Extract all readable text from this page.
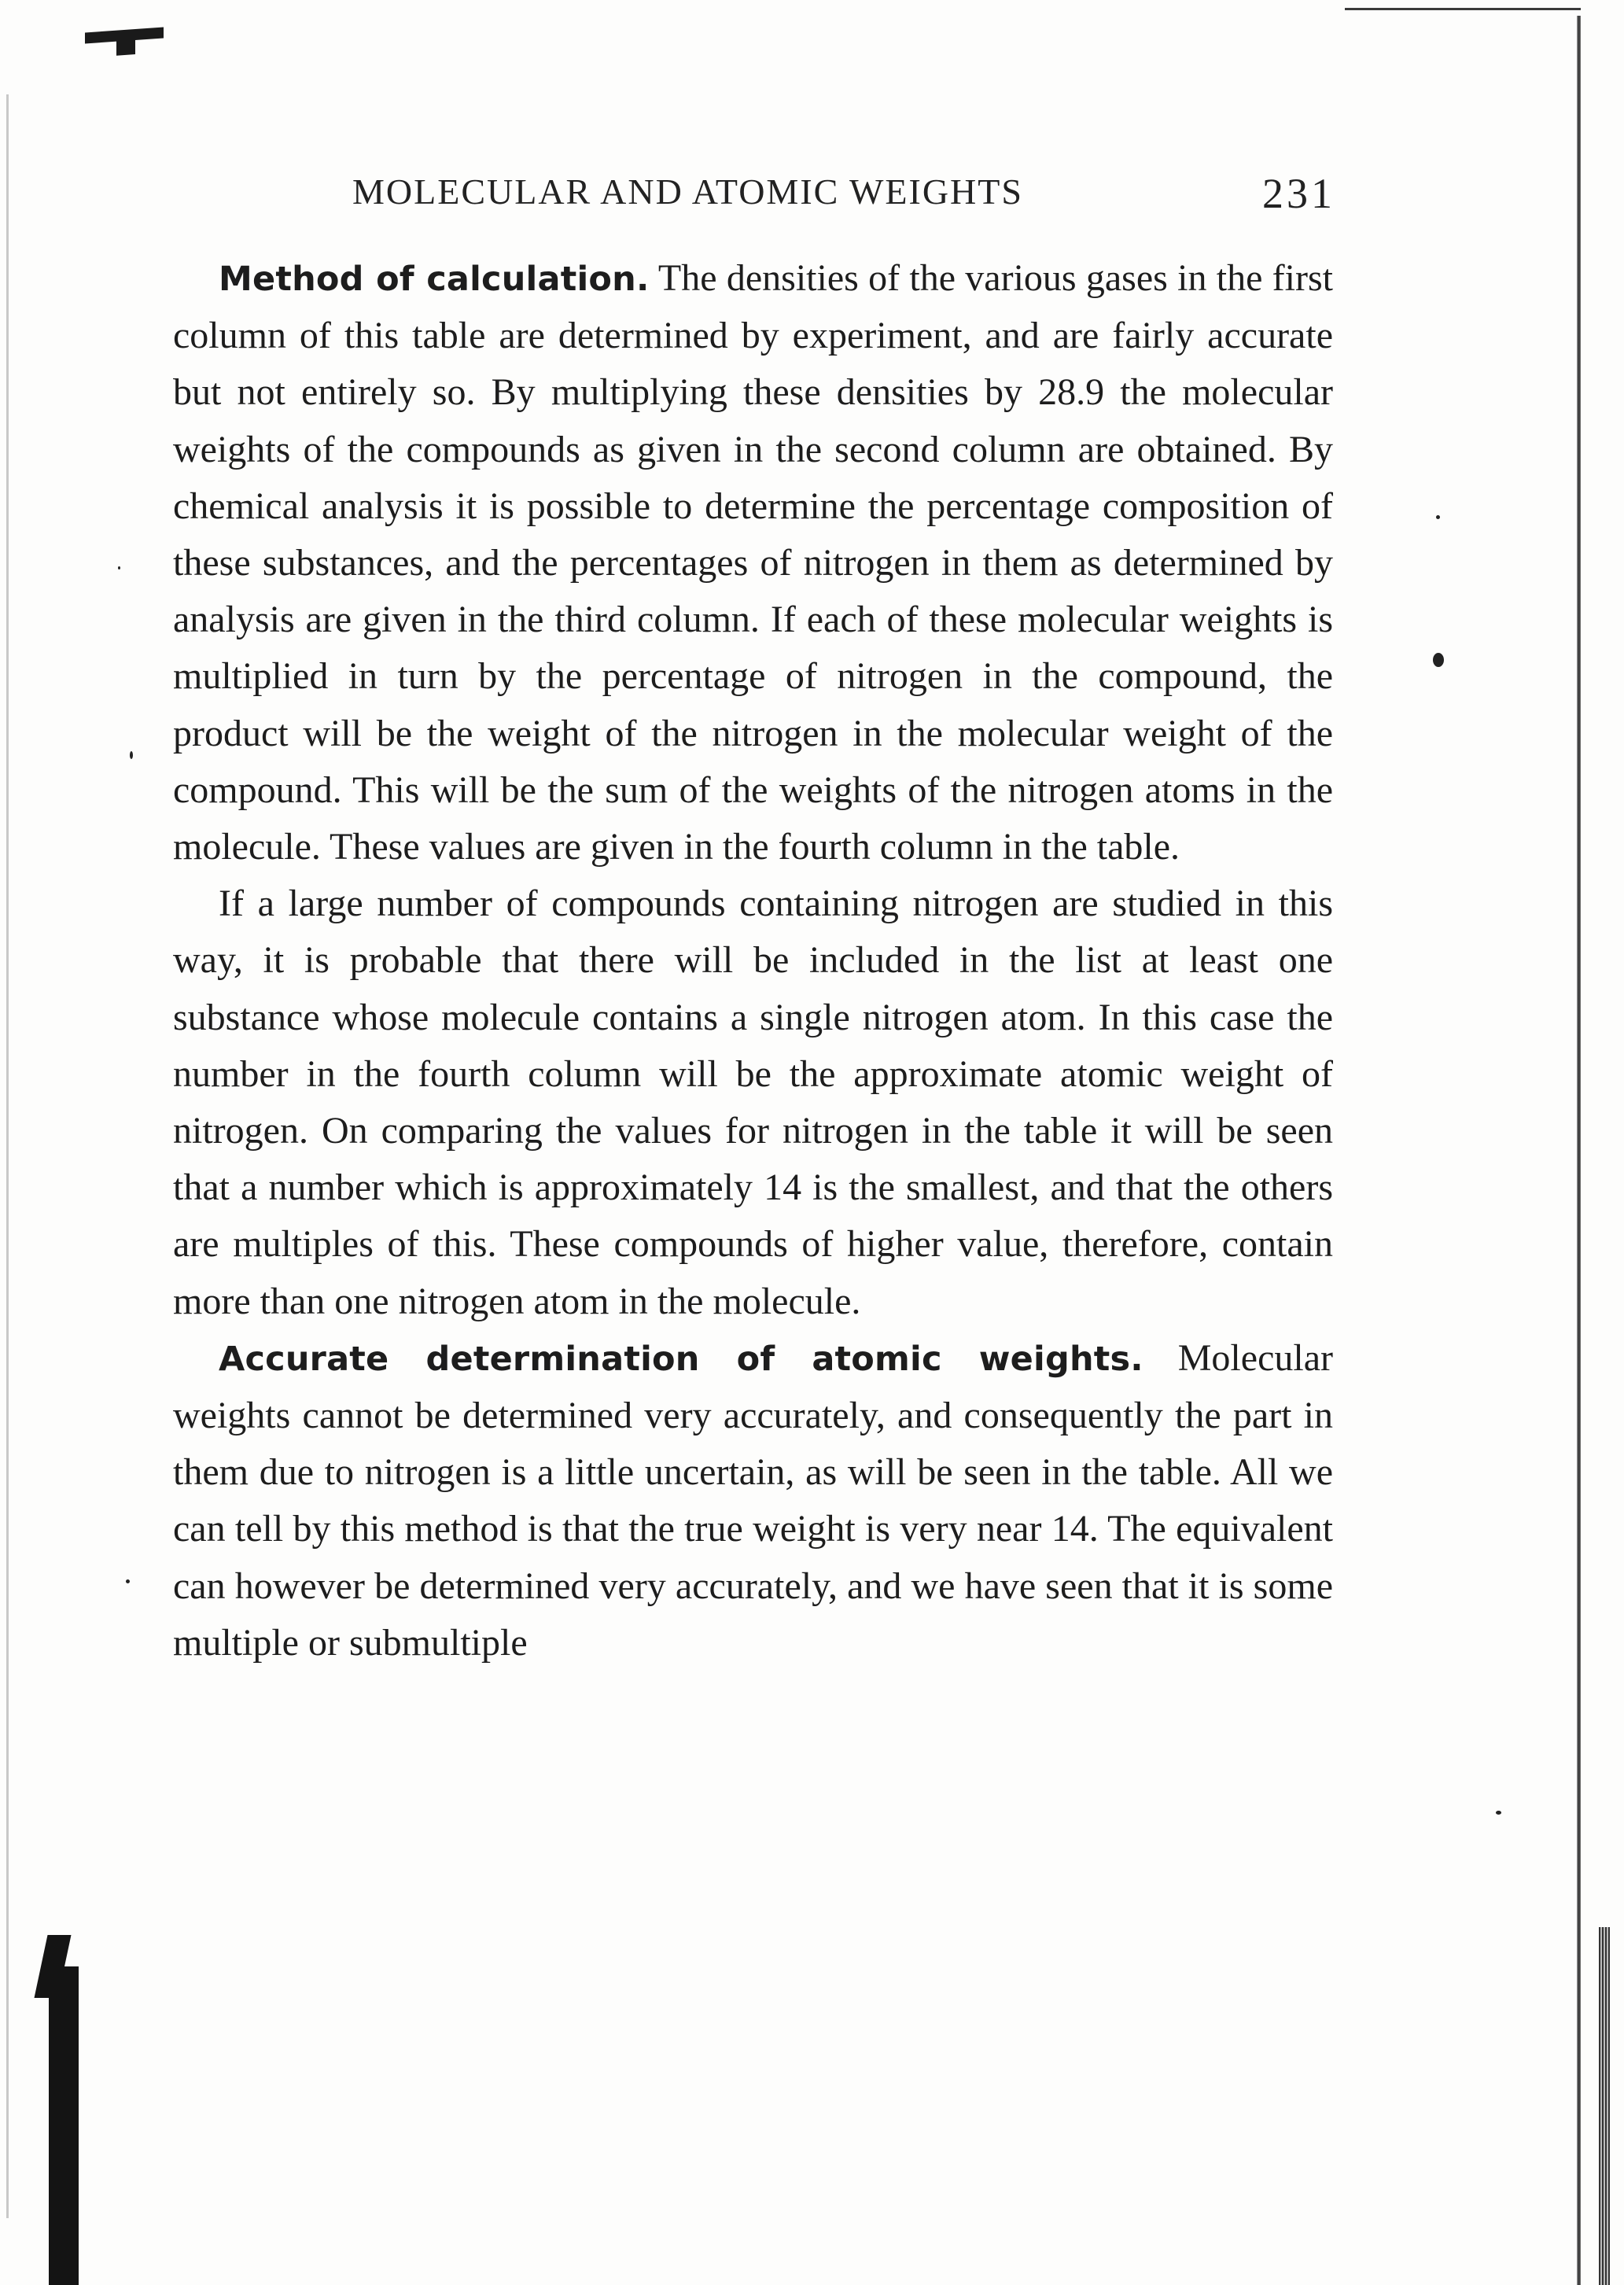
MOLECULAR AND ATOMIC WEIGHTS	231

Method of calculation. The densities of the various gases in the first column of this table are determined by experiment, and are fairly accurate but not entirely so. By multiplying these densities by 28.9 the molecular weights of the compounds as given in the second column are obtained. By chemical analysis it is possible to determine the percentage composition of these substances, and the percentages of nitrogen in them as determined by analysis are given in the third column. If each of these molecular weights is multiplied in turn by the percentage of nitrogen in the compound, the product will be the weight of the nitrogen in the molecular weight of the compound. This will be the sum of the weights of the nitrogen atoms in the molecule. These values are given in the fourth column in the table.

If a large number of compounds containing nitrogen are studied in this way, it is probable that there will be included in the list at least one substance whose molecule contains a single nitrogen atom. In this case the number in the fourth column will be the approximate atomic weight of nitrogen. On comparing the values for nitrogen in the table it will be seen that a number which is approximately 14 is the smallest, and that the others are multiples of this. These compounds of higher value, therefore, contain more than one nitrogen atom in the molecule.

Accurate determination of atomic weights. Molecular weights cannot be determined very accurately, and consequently the part in them due to nitrogen is a little uncertain, as will be seen in the table. All we can tell by this method is that the true weight is very near 14. The equivalent can however be determined very accurately, and we have seen that it is some multiple or submultiple
